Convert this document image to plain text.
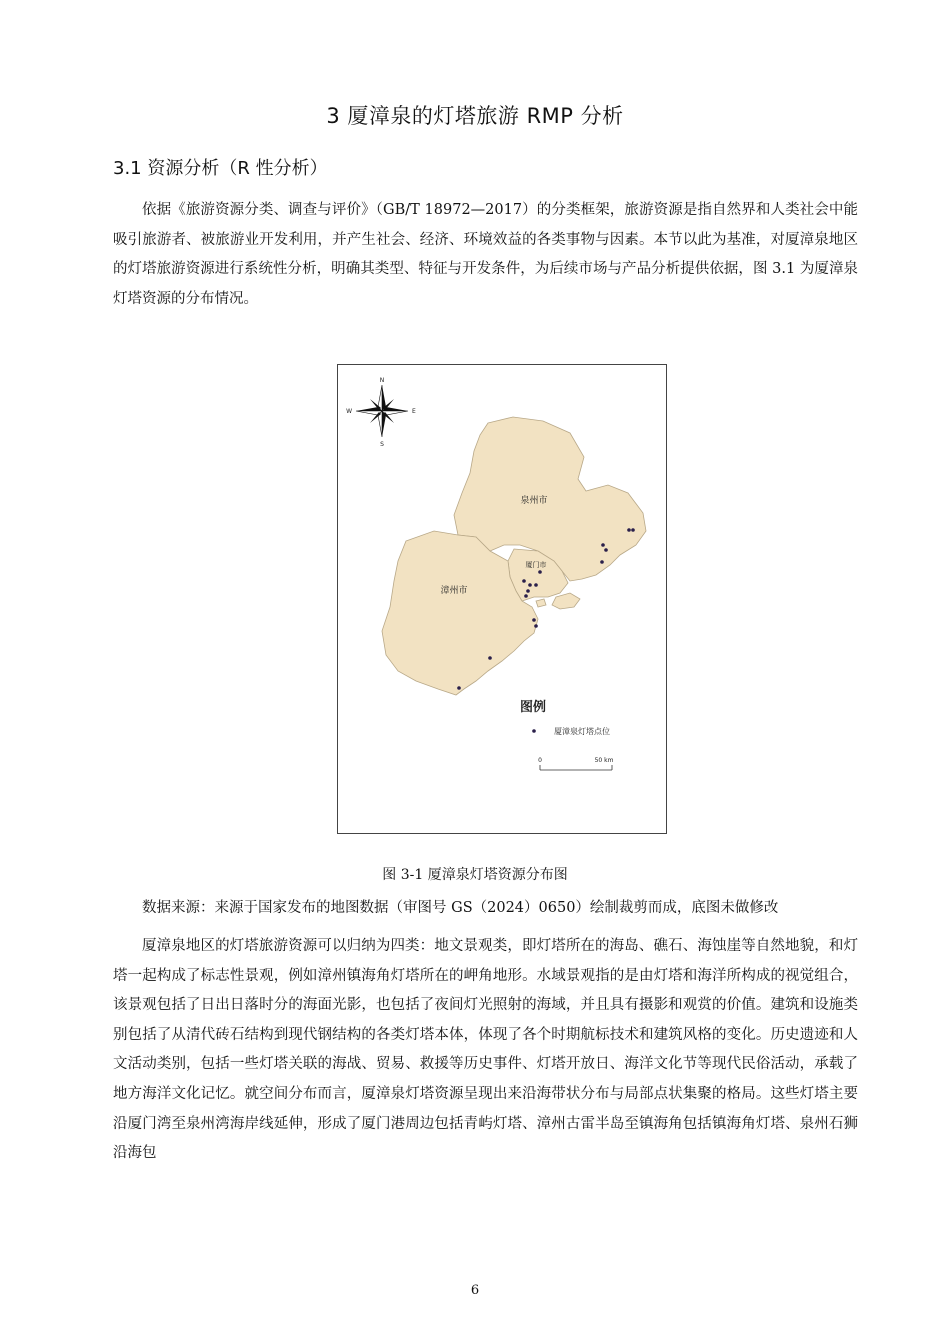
3 厦漳泉的灯塔旅游 RMP 分析
3.1 资源分析（R 性分析）

依据《旅游资源分类、调查与评价》（GB/T 18972—2017）的分类框架，旅游资源是指自然界和人类社会中能吸引旅游者、被旅游业开发利用，并产生社会、经济、环境效益的各类事物与因素。本节以此为基准，对厦漳泉地区的灯塔旅游资源进行系统性分析，明确其类型、特征与开发条件，为后续市场与产品分析提供依据，图 3.1 为厦漳泉灯塔资源的分布情况。

N
S
E
W
泉州市
厦门市
漳州市
图例
厦漳泉灯塔点位
0	50 km
图 3-1 厦漳泉灯塔资源分布图
数据来源：来源于国家发布的地图数据（审图号 GS（2024）0650）绘制裁剪而成，底图未做修改

厦漳泉地区的灯塔旅游资源可以归纳为四类：地文景观类，即灯塔所在的海岛、礁石、海蚀崖等自然地貌，和灯塔一起构成了标志性景观，例如漳州镇海角灯塔所在的岬角地形。水域景观指的是由灯塔和海洋所构成的视觉组合，该景观包括了日出日落时分的海面光影，也包括了夜间灯光照射的海域，并且具有摄影和观赏的价值。建筑和设施类别包括了从清代砖石结构到现代钢结构的各类灯塔本体，体现了各个时期航标技术和建筑风格的变化。历史遗迹和人文活动类别，包括一些灯塔关联的海战、贸易、救援等历史事件、灯塔开放日、海洋文化节等现代民俗活动，承载了地方海洋文化记忆。就空间分布而言，厦漳泉灯塔资源呈现出来沿海带状分布与局部点状集聚的格局。这些灯塔主要沿厦门湾至泉州湾海岸线延伸，形成了厦门港周边包括青屿灯塔、漳州古雷半岛至镇海角包括镇海角灯塔、泉州石狮沿海包

6
